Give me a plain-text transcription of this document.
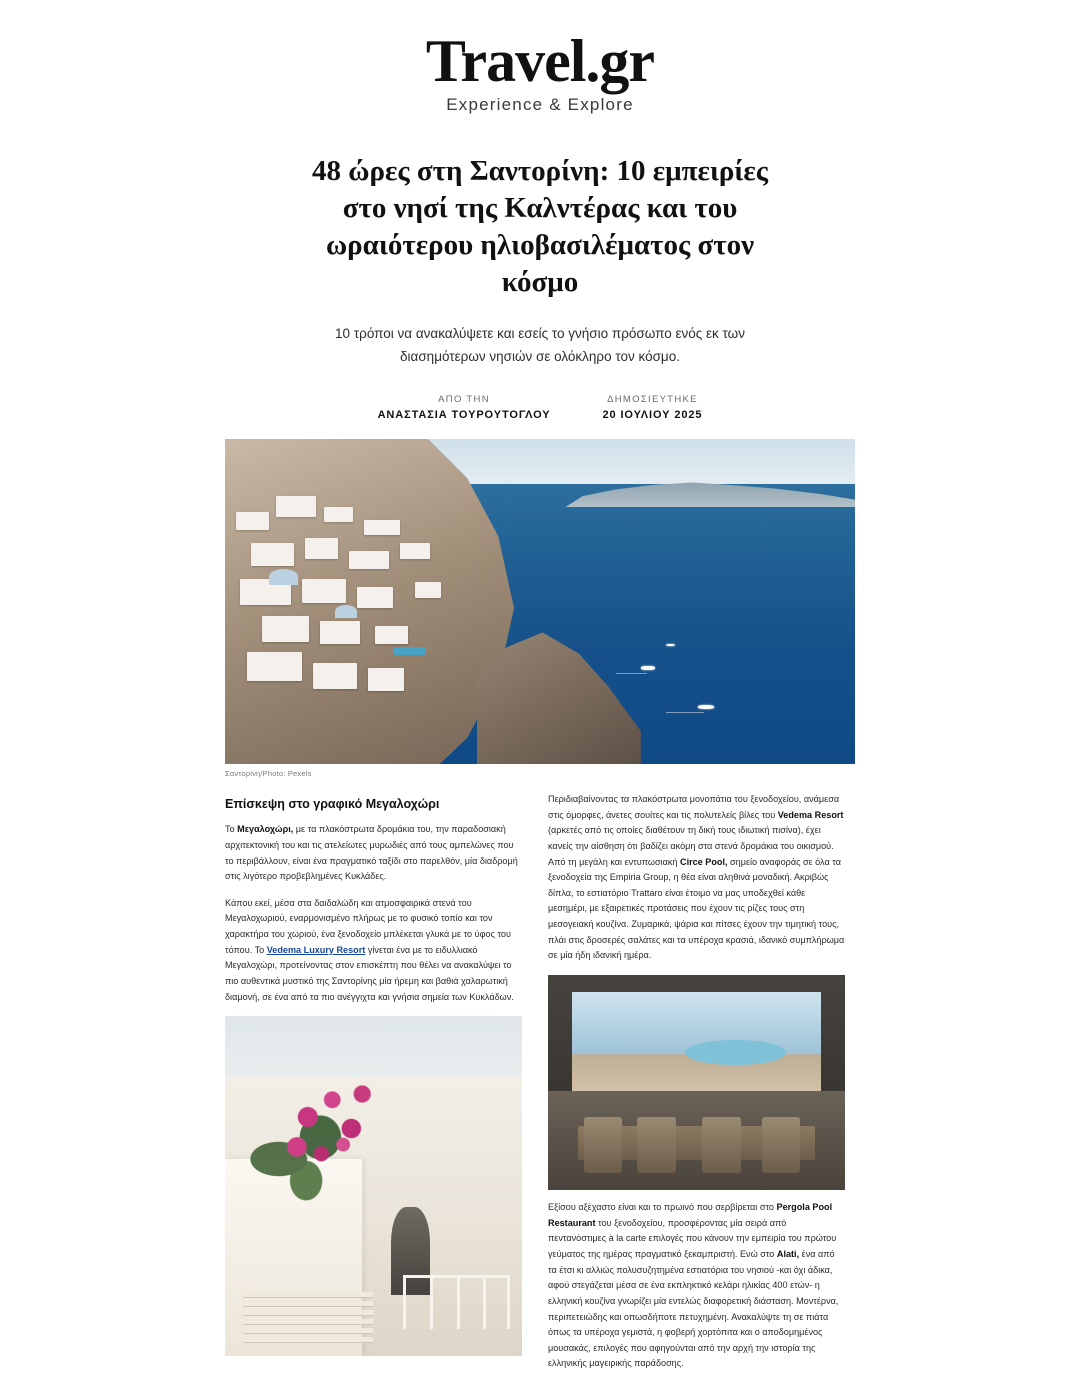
Travel.gr
Experience & Explore
48 ώρες στη Σαντορίνη: 10 εμπειρίες στο νησί της Καλντέρας και του ωραιότερου ηλιοβασιλέματος στον κόσμο

10 τρόποι να ανακαλύψετε και εσείς το γνήσιο πρόσωπο ενός εκ των διασημότερων νησιών σε ολόκληρο τον κόσμο.

ΑΠΟ ΤΗΝ
ΑΝΑΣΤΑΣΙΑ ΤΟΥΡΟΥΤΟΓΛΟΥ
ΔΗΜΟΣΙΕΥΤΗΚΕ
20 ΙΟΥΛΙΟΥ 2025
Σαντορίνη/Photo: Pexels
Επίσκεψη στο γραφικό Μεγαλοχώρι

Το Μεγαλοχώρι, με τα πλακόστρωτα δρομάκια του, την παραδοσιακή αρχιτεκτονική του και τις ατελείωτες μυρωδιές από τους αμπελώνες που το περιβάλλουν, είναι ένα πραγματικό ταξίδι στο παρελθόν, μία διαδρομή στις λιγότερο προβεβλημένες Κυκλάδες.

Κάπου εκεί, μέσα στα δαιδαλώδη και ατμοσφαιρικά στενά του Μεγαλοχωριού, εναρμονισμένο πλήρως με το φυσικό τοπίο και τον χαρακτήρα του χωριού, ένα ξενοδοχείο μπλέκεται γλυκά με το ύφος του τόπου. Το Vedema Luxury Resort γίνεται ένα με το ειδυλλιακό Μεγαλοχώρι, προτείνοντας στον επισκέπτη που θέλει να ανακαλύψει το πιο αυθεντικά μυστικό της Σαντορίνης μία ήρεμη και βαθιά χαλαρωτική διαμονή, σε ένα από τα πιο ανέγγιχτα και γνήσια σημεία των Κυκλάδων.

Περιδιαβαίνοντας τα πλακόστρωτα μονοπάτια του ξενοδοχείου, ανάμεσα στις όμορφες, άνετες σουίτες και τις πολυτελείς βίλες του Vedema Resort (αρκετές από τις οποίες διαθέτουν τη δική τους ιδιωτική πισίνα), έχει κανείς την αίσθηση ότι βαδίζει ακόμη στα στενά δρομάκια του οικισμού. Από τη μεγάλη και εντυπωσιακή Circe Pool, σημείο αναφοράς σε όλα τα ξενοδοχεία της Empiria Group, η θέα είναι αληθινά μοναδική. Ακριβώς δίπλα, το εστιατόριο Trattaro είναι έτοιμο να μας υποδεχθεί κάθε μεσημέρι, με εξαιρετικές προτάσεις που έχουν τις ρίζες τους στη μεσογειακή κουζίνα. Ζυμαρικά, ψάρια και πίτσες έχουν την τιμητική τους, πλάι στις δροσερές σαλάτες και τα υπέροχα κρασιά, ιδανικό συμπλήρωμα σε μία ήδη ιδανική ημέρα.

Εξίσου αξέχαστο είναι και το πρωινό που σερβίρεται στο Pergola Pool Restaurant του ξενοδοχείου, προσφέροντας μία σειρά από πεντανόστιμες à la carte επιλογές που κάνουν την εμπειρία του πρώτου γεύματος της ημέρας πραγματικό ξεκαμπριστή. Ενώ στο Alati, ένα από τα έτσι κι αλλιώς πολυσυζητημένα εστιατόρια του νησιού -και όχι άδικα, αφού στεγάζεται μέσα σε ένα εκπληκτικό κελάρι ηλικίας 400 ετών- η ελληνική κουζίνα γνωρίζει μία εντελώς διαφορετική διάσταση. Μοντέρνα, περιπετειώδης και οπωσδήποτε πετυχημένη. Ανακαλύψτε τη σε πιάτα όπως τα υπέροχα γεμιστά, η φοβερή χορτόπιτα και ο αποδομημένος μουσακάς, επιλογές που αφηγούνται από την αρχή την ιστορία της ελληνικής μαγειρικής παράδοσης.
